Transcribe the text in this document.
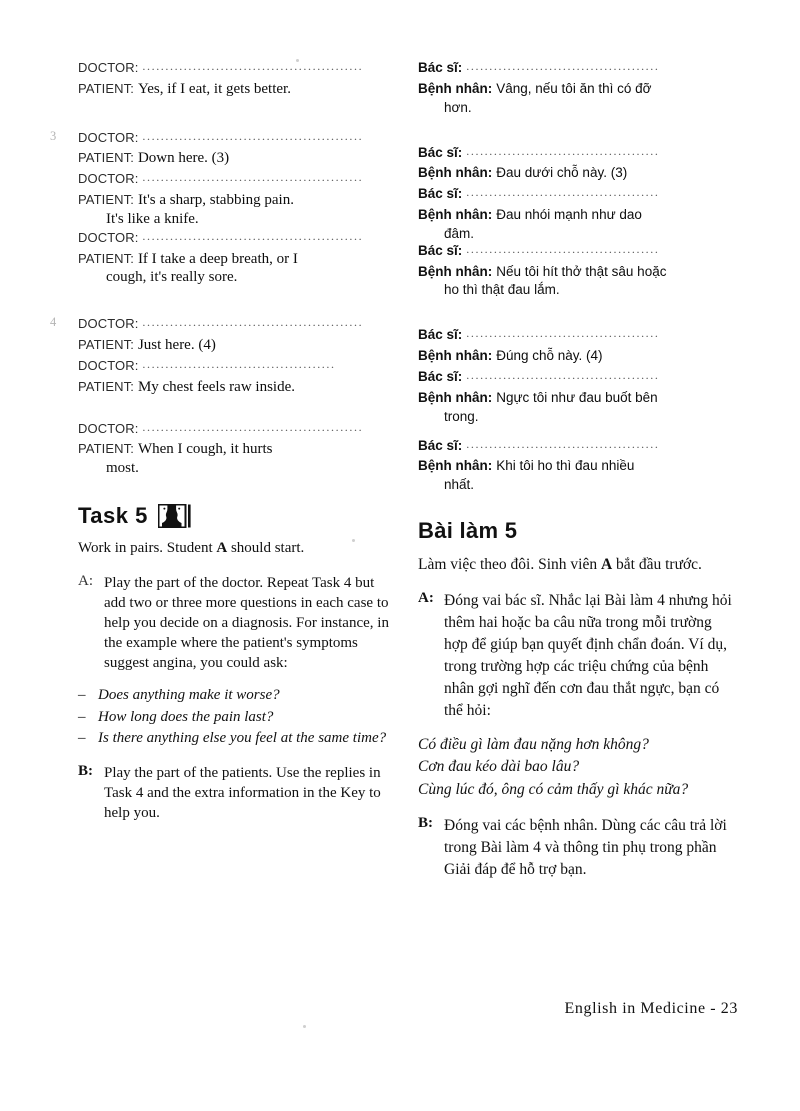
DOCTOR: ................................................
PATIENT: Yes, if I eat, it gets better.
3 DOCTOR: ................................................
PATIENT: Down here. (3)
DOCTOR: ................................................
PATIENT: It's a sharp, stabbing pain.
It's like a knife.
DOCTOR: ................................................
PATIENT: If I take a deep breath, or I
cough, it's really sore.
4 DOCTOR: ................................................
PATIENT: Just here. (4)
DOCTOR: ..........................................
PATIENT: My chest feels raw inside.
DOCTOR: ................................................
PATIENT: When I cough, it hurts
most.
Task 5
Work in pairs. Student A should start.
A: Play the part of the doctor. Repeat Task 4 but add two or three more questions in each case to help you decide on a diagnosis. For instance, in the example where the patient's symptoms suggest angina, you could ask:
– Does anything make it worse?
– How long does the pain last?
– Is there anything else you feel at the same time?
B: Play the part of the patients. Use the replies in Task 4 and the extra information in the Key to help you.
Bác sĩ: ..........................................
Bệnh nhân: Vâng, nếu tôi ăn thì có đỡ
hơn.
Bác sĩ: ..........................................
Bệnh nhân: Đau dưới chỗ này. (3)
Bác sĩ: ..........................................
Bệnh nhân: Đau nhói mạnh như dao
đâm.
Bác sĩ: ..........................................
Bệnh nhân: Nếu tôi hít thở thật sâu hoặc
ho thì thật đau lắm.
Bác sĩ: ..........................................
Bệnh nhân: Đúng chỗ này. (4)
Bác sĩ: ..........................................
Bệnh nhân: Ngực tôi như đau buốt bên
trong.
Bác sĩ: ..........................................
Bệnh nhân: Khi tôi ho thì đau nhiều
nhất.
Bài làm 5
Làm việc theo đôi. Sinh viên A bắt đầu trước.
A: Đóng vai bác sĩ. Nhắc lại Bài làm 4 nhưng hỏi thêm hai hoặc ba câu nữa trong mỗi trường hợp để giúp bạn quyết định chẩn đoán. Ví dụ, trong trường hợp các triệu chứng của bệnh nhân gợi nghĩ đến cơn đau thắt ngực, bạn có thể hỏi:
Có điều gì làm đau nặng hơn không?
Cơn đau kéo dài bao lâu?
Cùng lúc đó, ông có cảm thấy gì khác nữa?
B: Đóng vai các bệnh nhân. Dùng các câu trả lời trong Bài làm 4 và thông tin phụ trong phần Giải đáp để hỗ trợ bạn.
English in Medicine - 23
